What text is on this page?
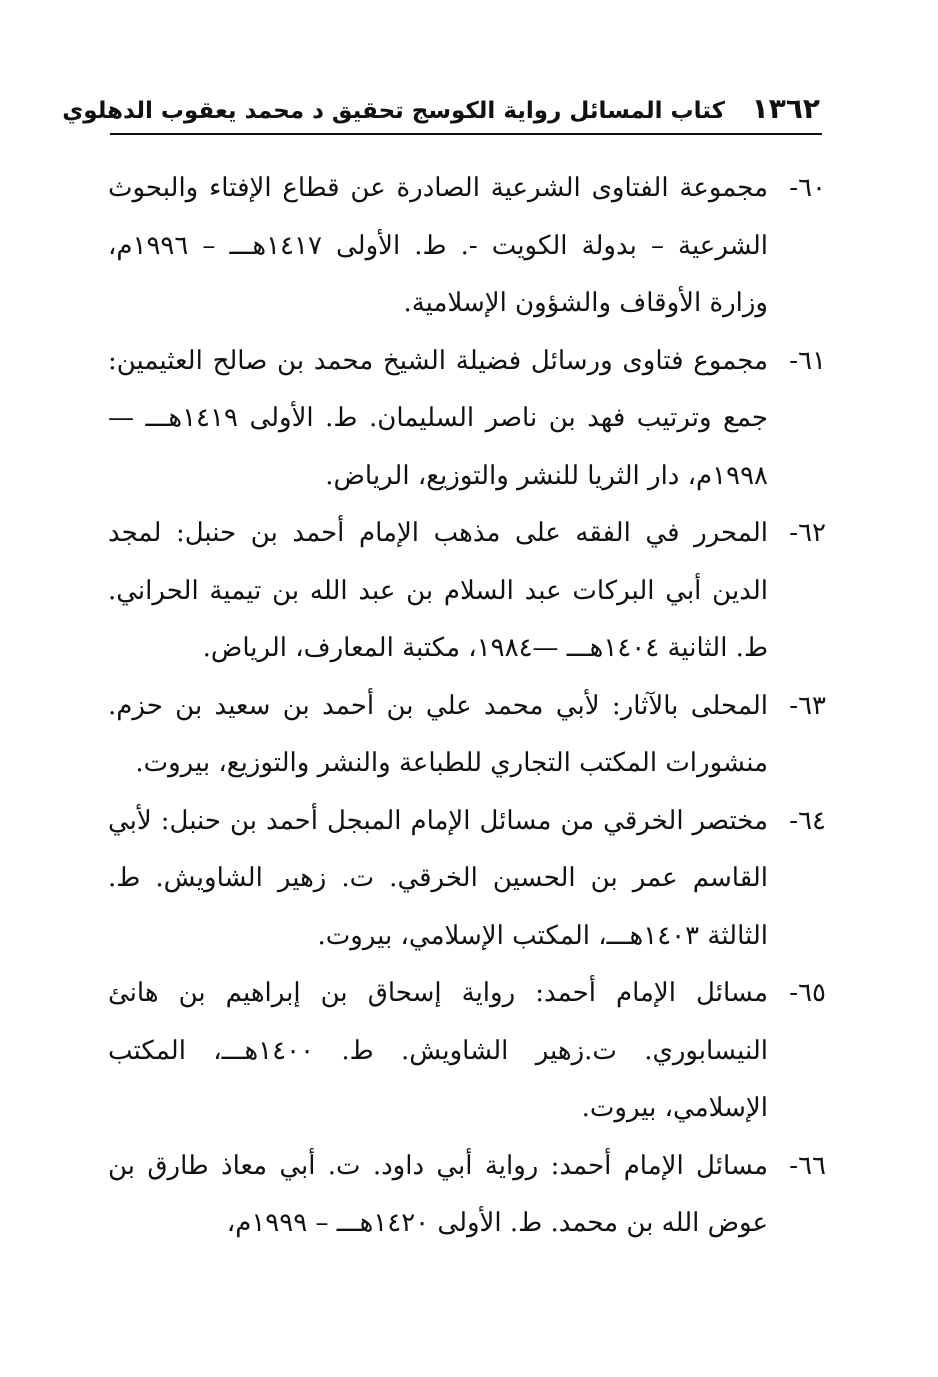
١٣٦٢
كتاب المسائل رواية الكوسج تحقيق د محمد يعقوب الدهلوي
٦٠-
مجموعة الفتاوى الشرعية الصادرة عن قطاع الإفتاء والبحوث الشرعية – بدولة الكويت -. ط. الأولى ١٤١٧هـــ – ١٩٩٦م، وزارة الأوقاف والشؤون الإسلامية.
٦١-
مجموع فتاوى ورسائل فضيلة الشيخ محمد بن صالح العثيمين: جمع وترتيب فهد بن ناصر السليمان. ط. الأولى ١٤١٩هـــ —١٩٩٨م، دار الثريا للنشر والتوزيع، الرياض.
٦٢-
المحرر في الفقه على مذهب الإمام أحمد بن حنبل: لمجد الدين أبي البركات عبد السلام بن عبد الله بن تيمية الحراني. ط. الثانية ١٤٠٤هـــ —١٩٨٤، مكتبة المعارف، الرياض.
٦٣-
المحلى بالآثار: لأبي محمد علي بن أحمد بن سعيد بن حزم. منشورات المكتب التجاري للطباعة والنشر والتوزيع، بيروت.
٦٤-
مختصر الخرقي من مسائل الإمام المبجل أحمد بن حنبل: لأبي القاسم عمر بن الحسين الخرقي. ت. زهير الشاويش. ط. الثالثة ١٤٠٣هـــ، المكتب الإسلامي، بيروت.
٦٥-
مسائل الإمام أحمد: رواية إسحاق بن إبراهيم بن هانئ النيسابوري. ت.زهير الشاويش. ط. ١٤٠٠هـــ، المكتب الإسلامي، بيروت.
٦٦-
مسائل الإمام أحمد: رواية أبي داود. ت. أبي معاذ طارق بن عوض الله بن محمد. ط. الأولى ١٤٢٠هـــ – ١٩٩٩م،
